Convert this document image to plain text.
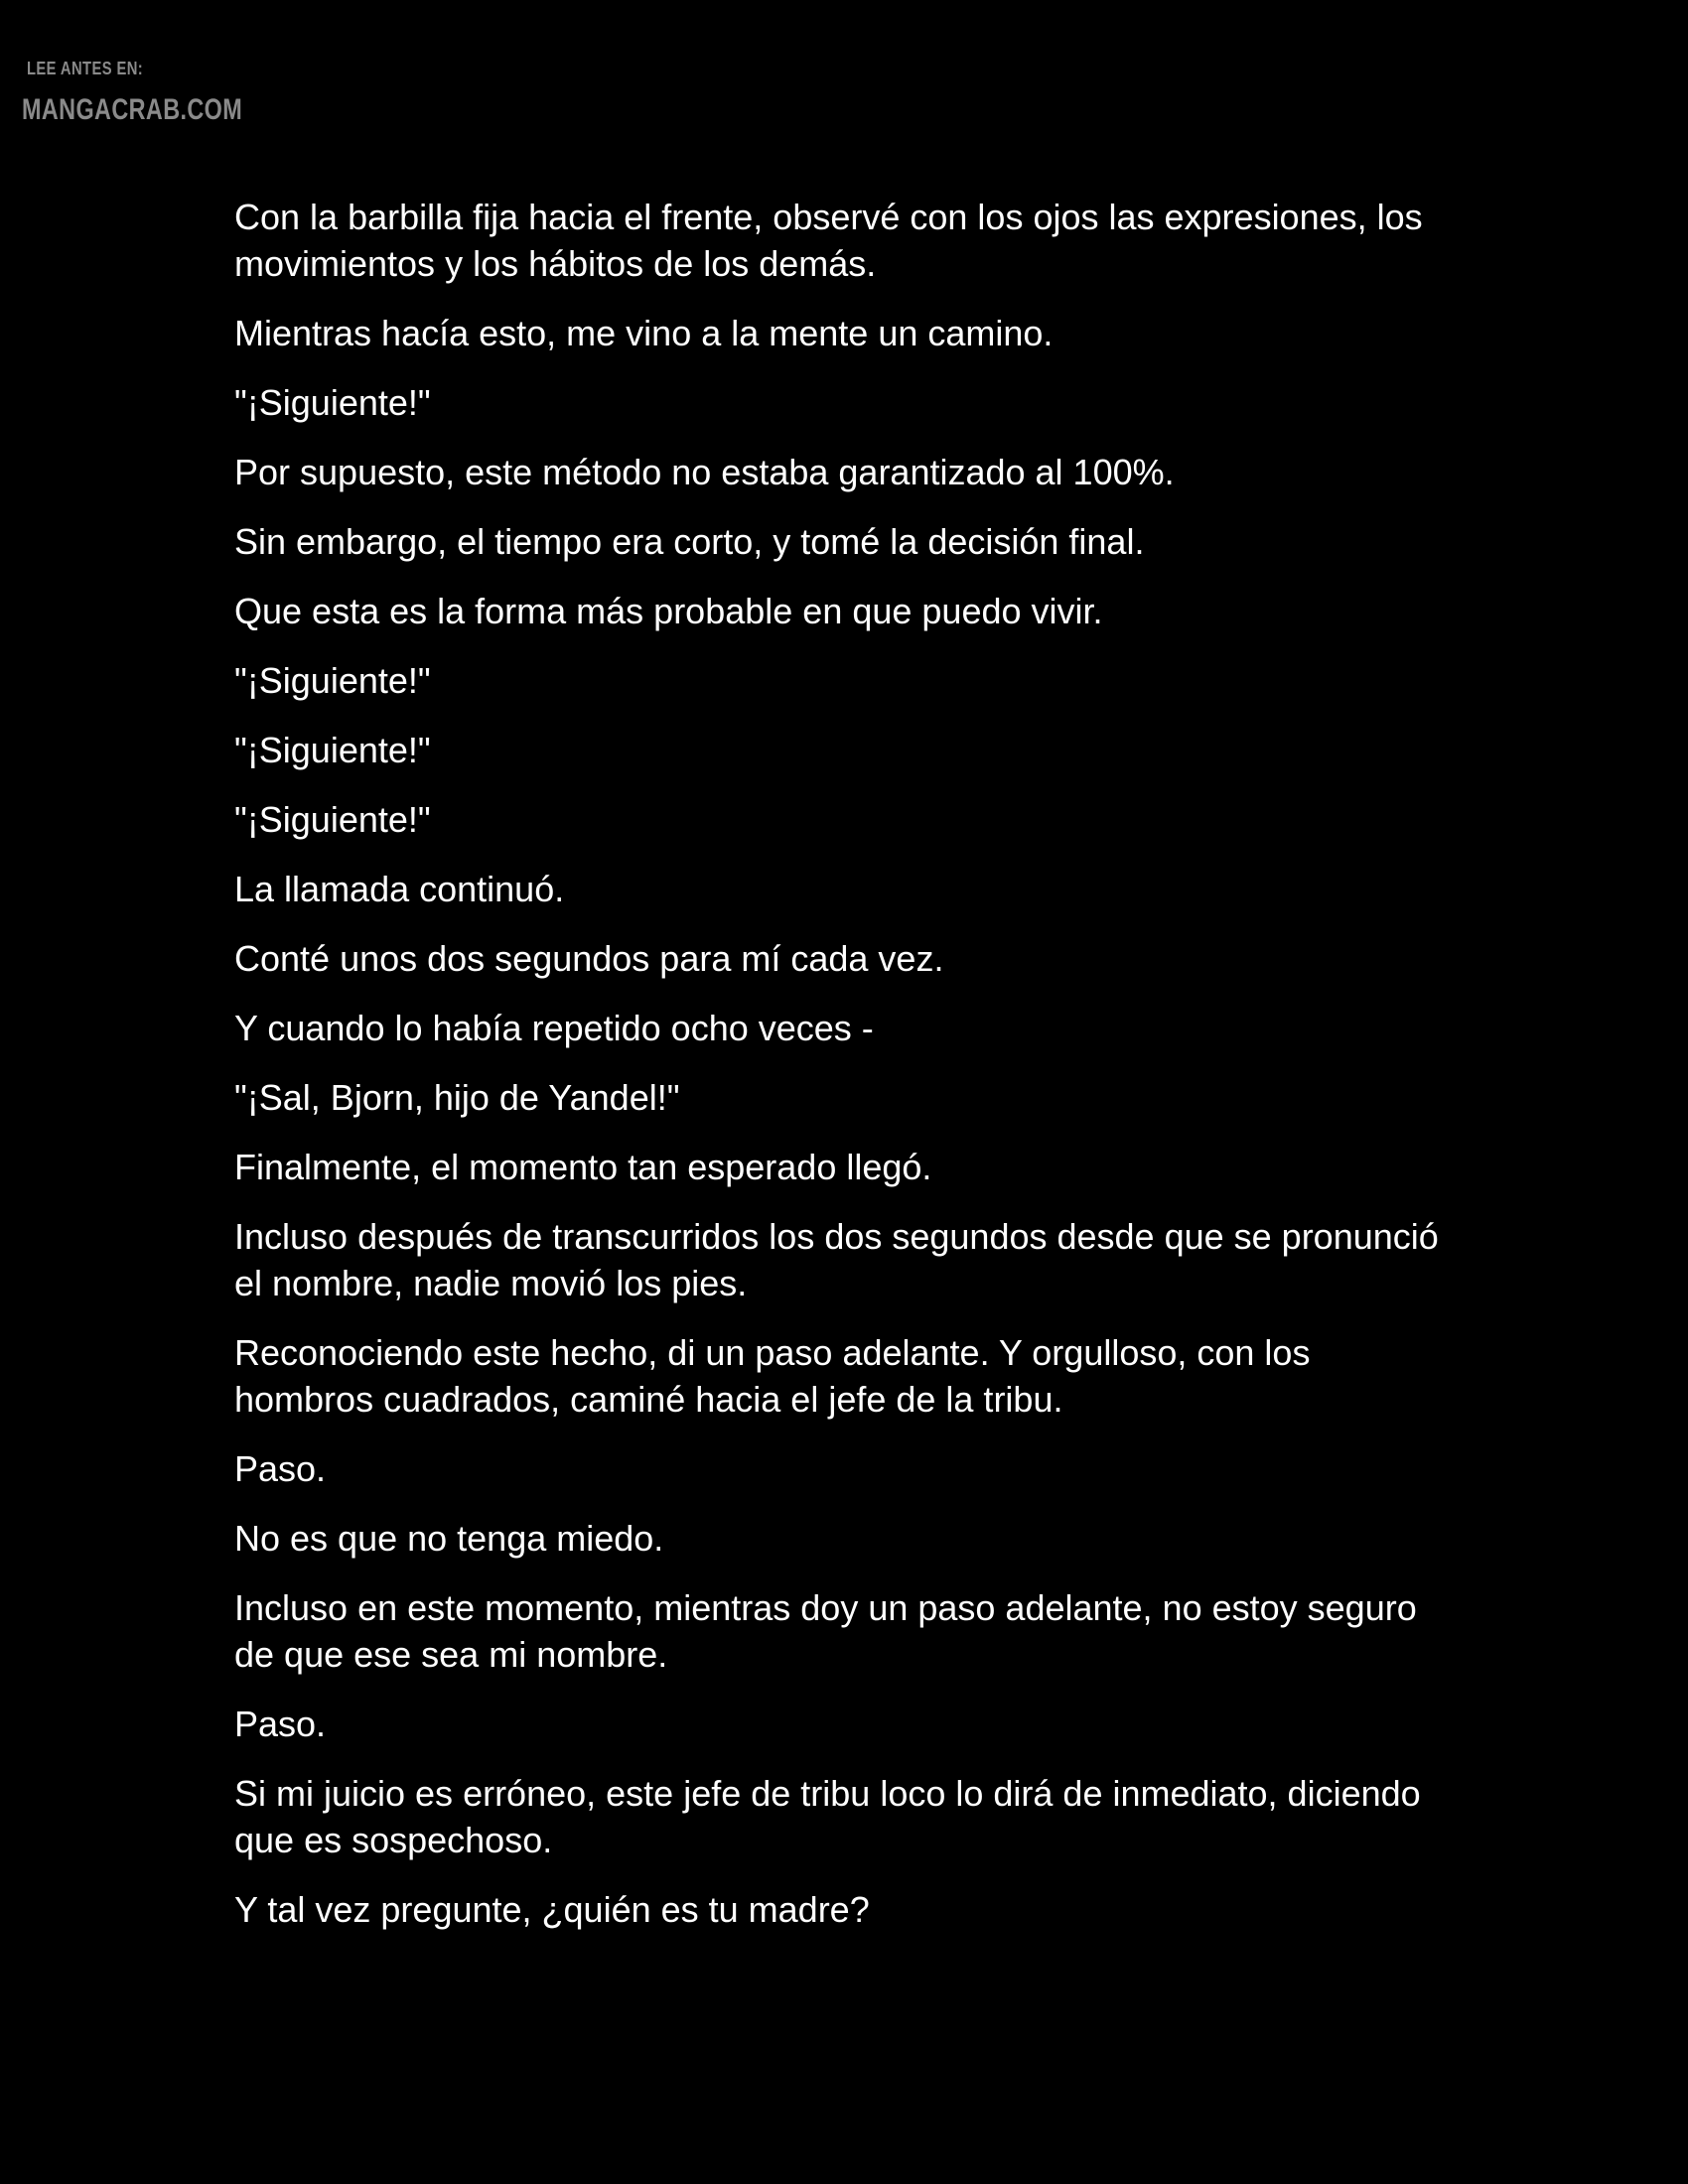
LEE ANTES EN:
MANGACRAB.COM

Con la barbilla fija hacia el frente, observé con los ojos las expresiones, los movimientos y los hábitos de los demás.

Mientras hacía esto, me vino a la mente un camino.

"¡Siguiente!"

Por supuesto, este método no estaba garantizado al 100%.

Sin embargo, el tiempo era corto, y tomé la decisión final.

Que esta es la forma más probable en que puedo vivir.

"¡Siguiente!"

"¡Siguiente!"

"¡Siguiente!"

La llamada continuó.

Conté unos dos segundos para mí cada vez.

Y cuando lo había repetido ocho veces -

"¡Sal, Bjorn, hijo de Yandel!"

Finalmente, el momento tan esperado llegó.

Incluso después de transcurridos los dos segundos desde que se pronunció el nombre, nadie movió los pies.

Reconociendo este hecho, di un paso adelante. Y orgulloso, con los hombros cuadrados, caminé hacia el jefe de la tribu.

Paso.

No es que no tenga miedo.

Incluso en este momento, mientras doy un paso adelante, no estoy seguro de que ese sea mi nombre.

Paso.

Si mi juicio es erróneo, este jefe de tribu loco lo dirá de inmediato, diciendo que es sospechoso.

Y tal vez pregunte, ¿quién es tu madre?
